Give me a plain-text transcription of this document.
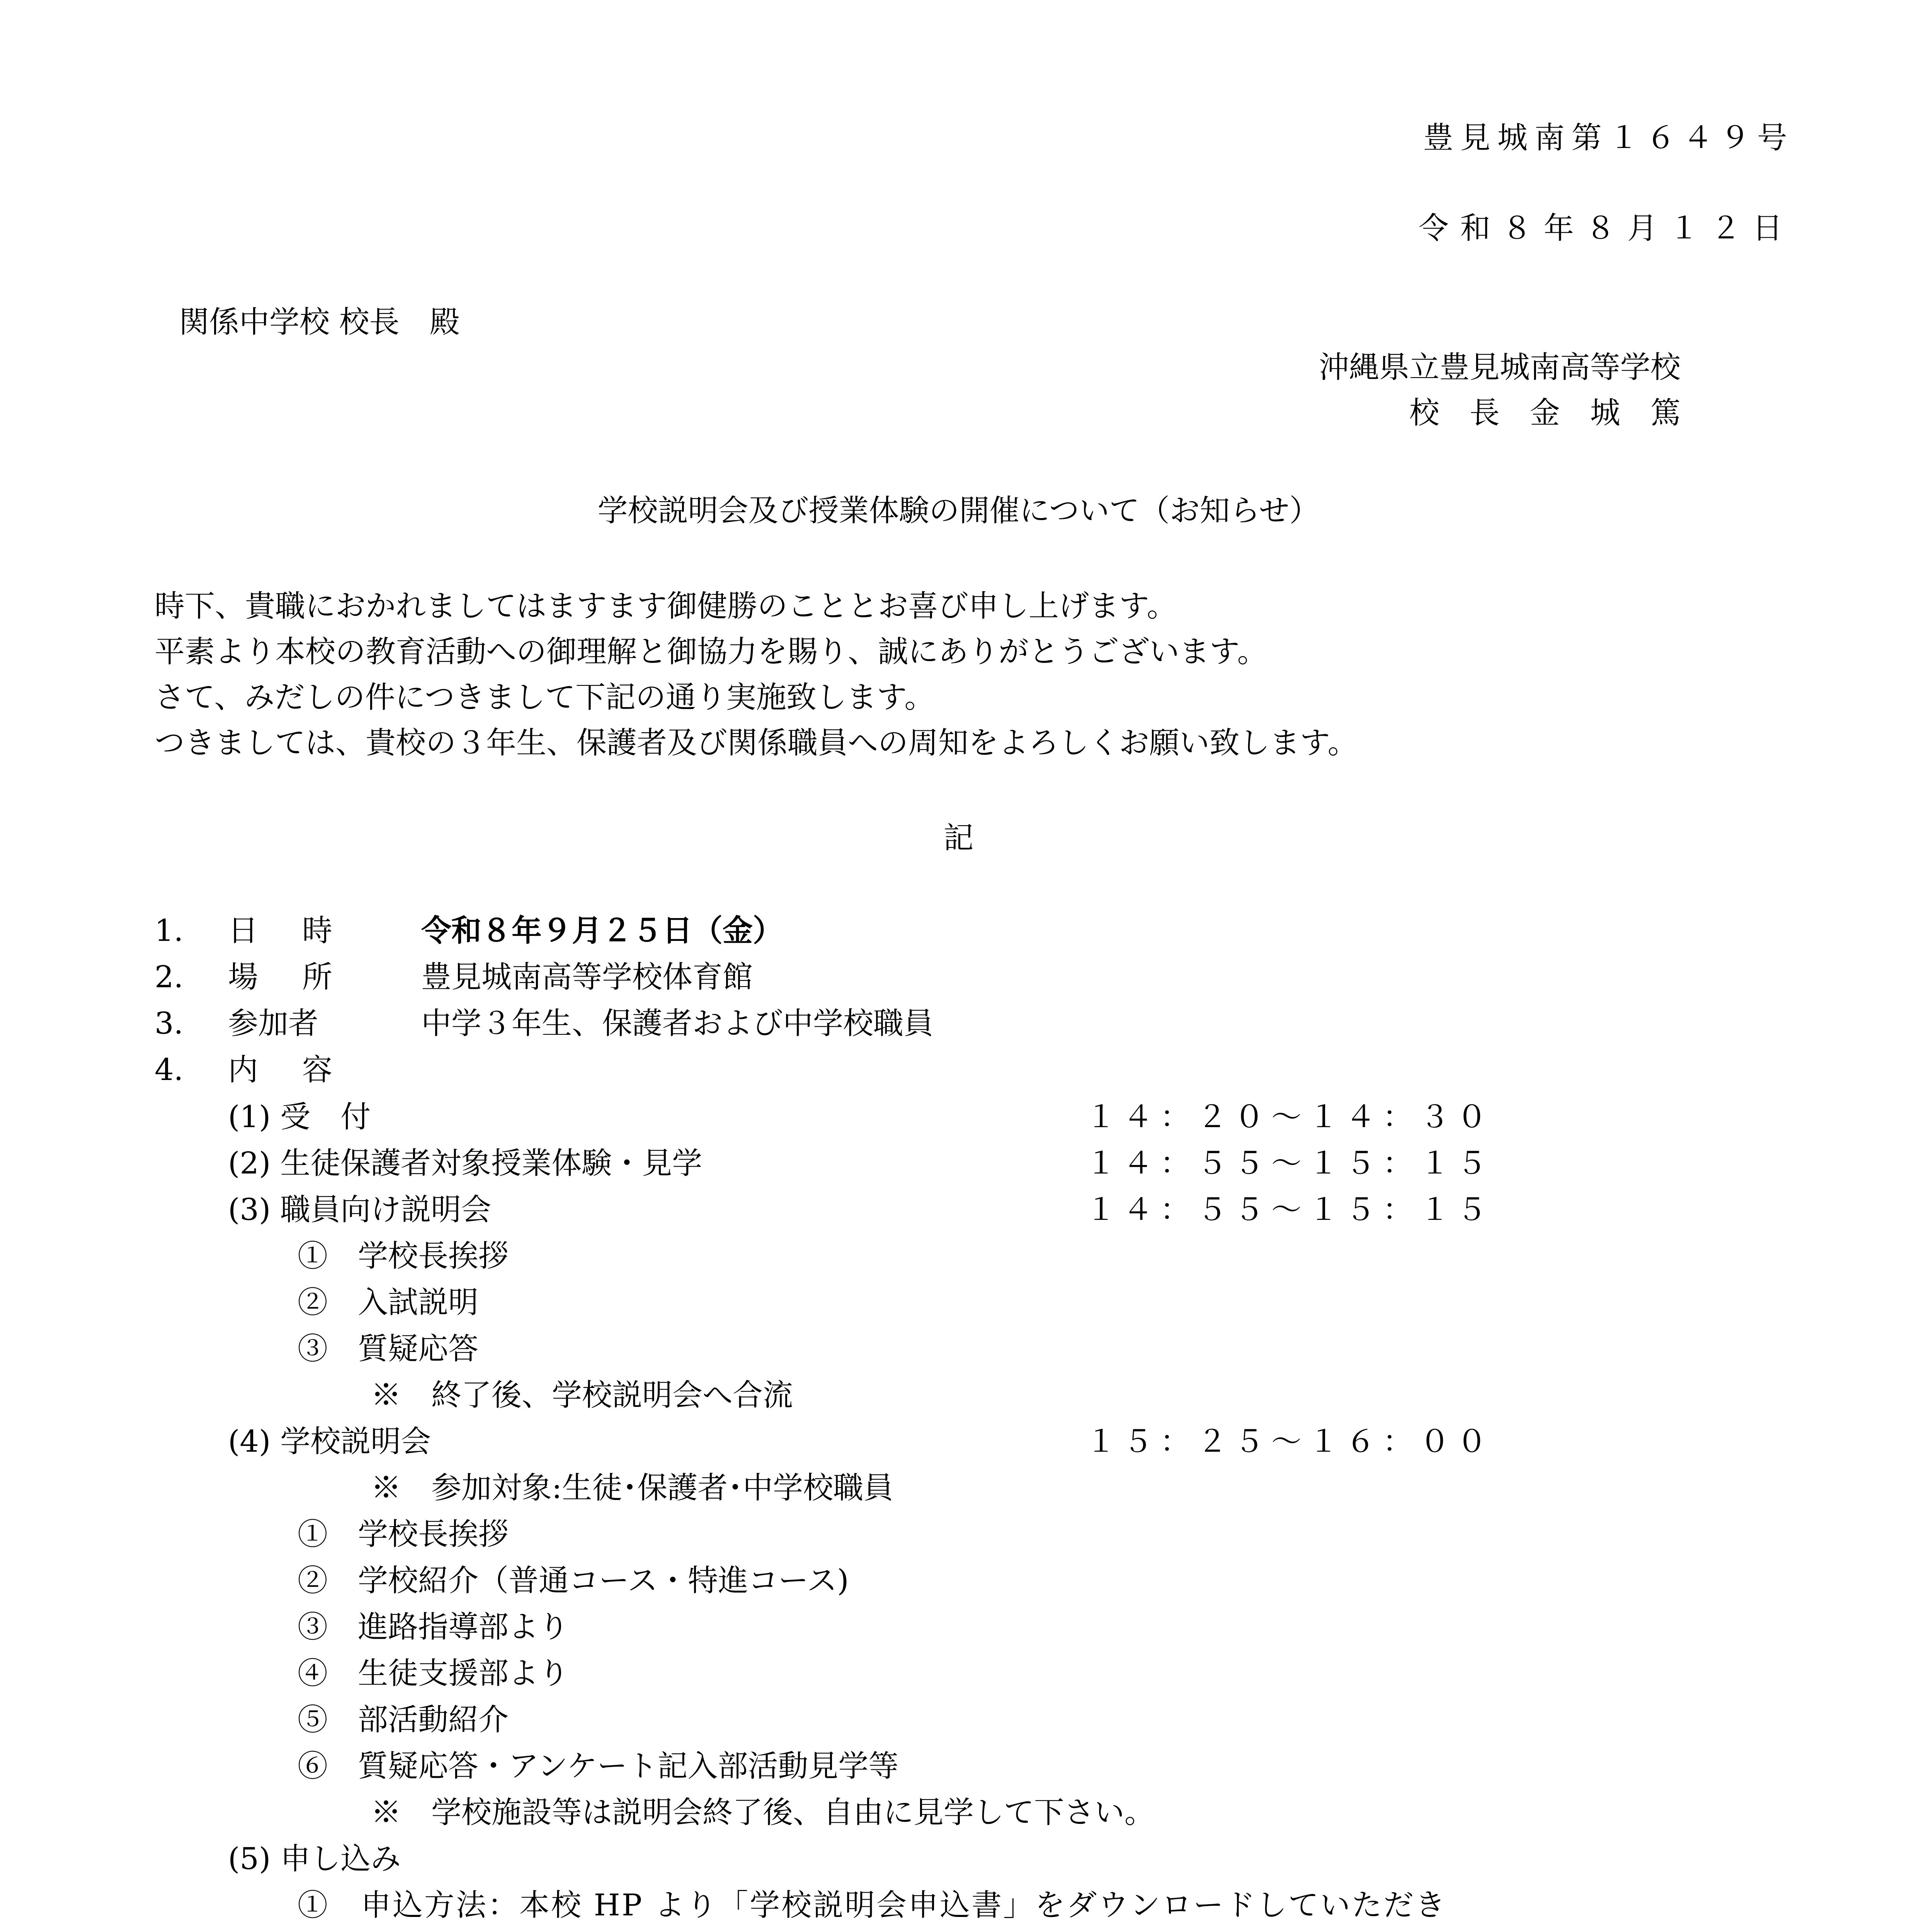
豊見城南第１６４９号
令和８年８月１２日
関係中学校 校長　殿
沖縄県立豊見城南高等学校
校　長　金　城　篤
学校説明会及び授業体験の開催について（お知らせ）
時下、貴職におかれましてはますます御健勝のこととお喜び申し上げます。
平素より本校の教育活動への御理解と御協力を賜り、誠にありがとうございます。
さて、みだしの件につきまして下記の通り実施致します。
つきましては、貴校の３年生、保護者及び関係職員への周知をよろしくお願い致します。
記
1. 日　時	令和８年９月２５日（金）
2. 場　所	豊見城南高等学校体育館
3. 参加者	中学３年生、保護者および中学校職員
4. 内　容
(1) 受　付	１４：２０～１４：３０
(2) 生徒保護者対象授業体験・見学	１４：５５～１５：１５
(3) 職員向け説明会	１４：５５～１５：１５
①　学校長挨拶
②　入試説明
③　質疑応答
※　終了後、学校説明会へ合流
(4) 学校説明会	１５：２５～１６：００
※　参加対象:生徒･保護者･中学校職員
①　学校長挨拶
②　学校紹介（普通コース・特進コース)
③　進路指導部より
④　生徒支援部より
⑤　部活動紹介
⑥　質疑応答・アンケート記入部活動見学等
※　学校施設等は説明会終了後、自由に見学して下さい。
(5) 申し込み
①　申込方法：本校 HP より「学校説明会申込書」をダウンロードしていただき
